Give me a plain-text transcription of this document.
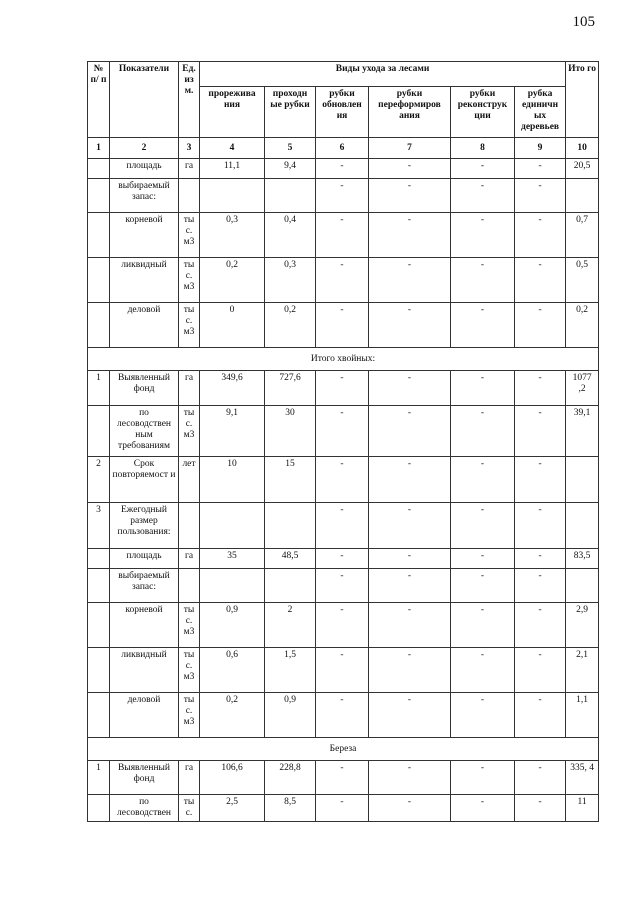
105
№ п/ п	Показатели	Ед. из м.	Виды ухода за лесами						Ито го
			прорежива ния	проходн ые рубки	рубки обновлен ия	рубки переформиров ания	рубки реконструк ции	рубка единичн ых деревьев	
1	2	3	4	5	6	7	8	9	10
	площадь	га	11,1	9,4	-	-	-	-	20,5
	выбираемый запас:				-	-	-	-	
	корневой	ты с. м3	0,3	0,4	-	-	-	-	0,7
	ликвидный	ты с. м3	0,2	0,3	-	-	-	-	0,5
	деловой	ты с. м3	0	0,2	-	-	-	-	0,2
Итого хвойных:									
1	Выявленный фонд	га	349,6	727,6	-	-	-	-	1077 ,2
	по лесоводствен ным требованиям	ты с. м3	9,1	30	-	-	-	-	39,1
2	Срок повторяемост и	лет	10	15	-	-	-	-	
3	Ежегодный размер пользования:				-	-	-	-	
	площадь	га	35	48,5	-	-	-	-	83,5
	выбираемый запас:				-	-	-	-	
	корневой	ты с. м3	0,9	2	-	-	-	-	2,9
	ликвидный	ты с. м3	0,6	1,5	-	-	-	-	2,1
	деловой	ты с. м3	0,2	0,9	-	-	-	-	1,1
Береза									
1	Выявленный фонд	га	106,6	228,8	-	-	-	-	335, 4
	по лесоводствен	ты с.	2,5	8,5	-	-	-	-	11
